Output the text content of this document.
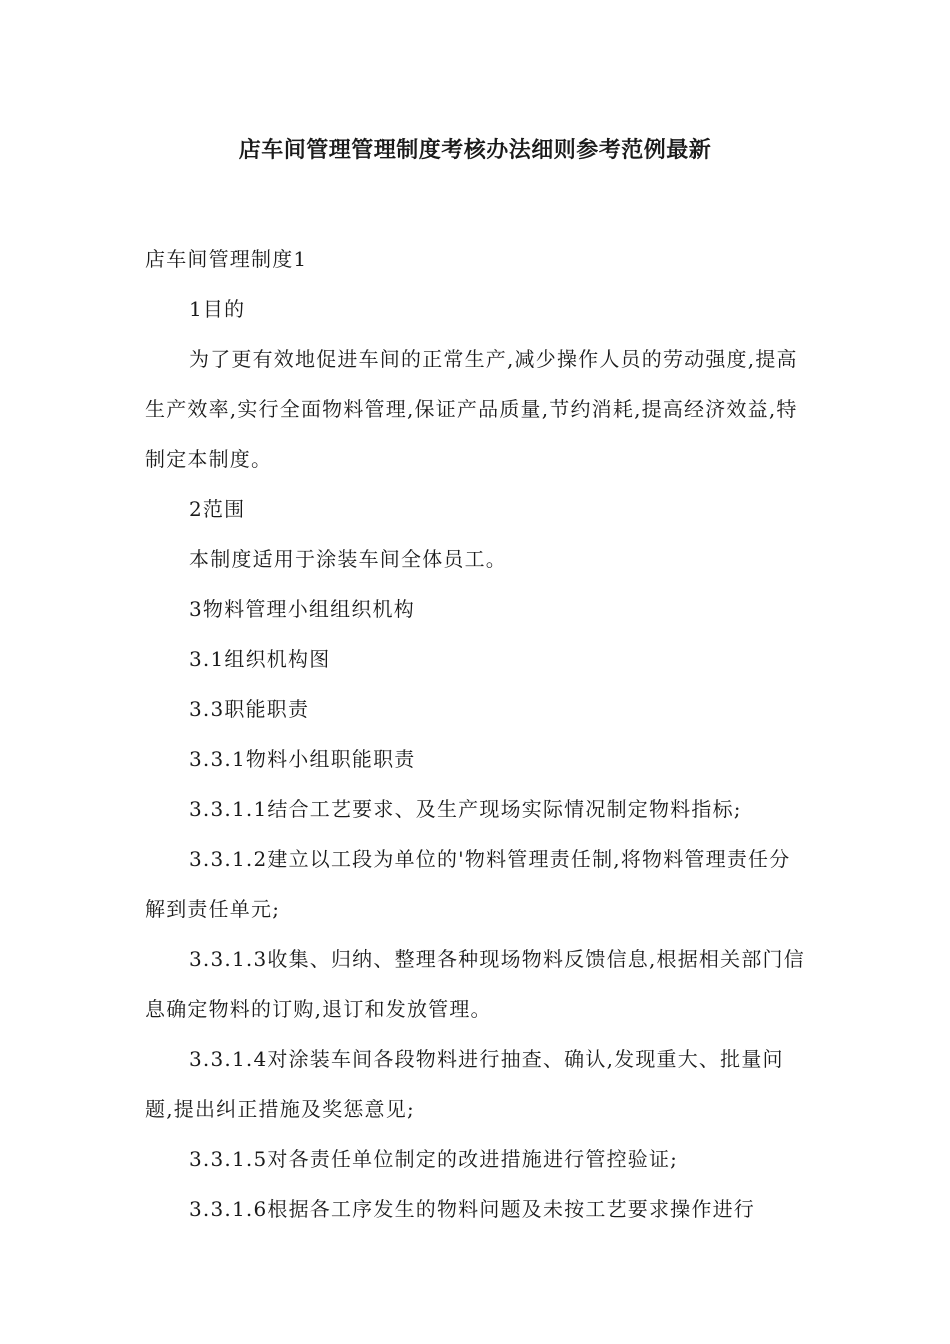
店车间管理管理制度考核办法细则参考范例最新

店车间管理制度1

1目的

为了更有效地促进车间的正常生产,减少操作人员的劳动强度,提高生产效率,实行全面物料管理,保证产品质量,节约消耗,提高经济效益,特制定本制度。

2范围

本制度适用于涂装车间全体员工。

3物料管理小组组织机构

3.1组织机构图

3.3职能职责

3.3.1物料小组职能职责

3.3.1.1结合工艺要求、及生产现场实际情况制定物料指标;

3.3.1.2建立以工段为单位的'物料管理责任制,将物料管理责任分解到责任单元;

3.3.1.3收集、归纳、整理各种现场物料反馈信息,根据相关部门信息确定物料的订购,退订和发放管理。

3.3.1.4对涂装车间各段物料进行抽查、确认,发现重大、批量问题,提出纠正措施及奖惩意见;

3.3.1.5对各责任单位制定的改进措施进行管控验证;

3.3.1.6根据各工序发生的物料问题及未按工艺要求操作进行
